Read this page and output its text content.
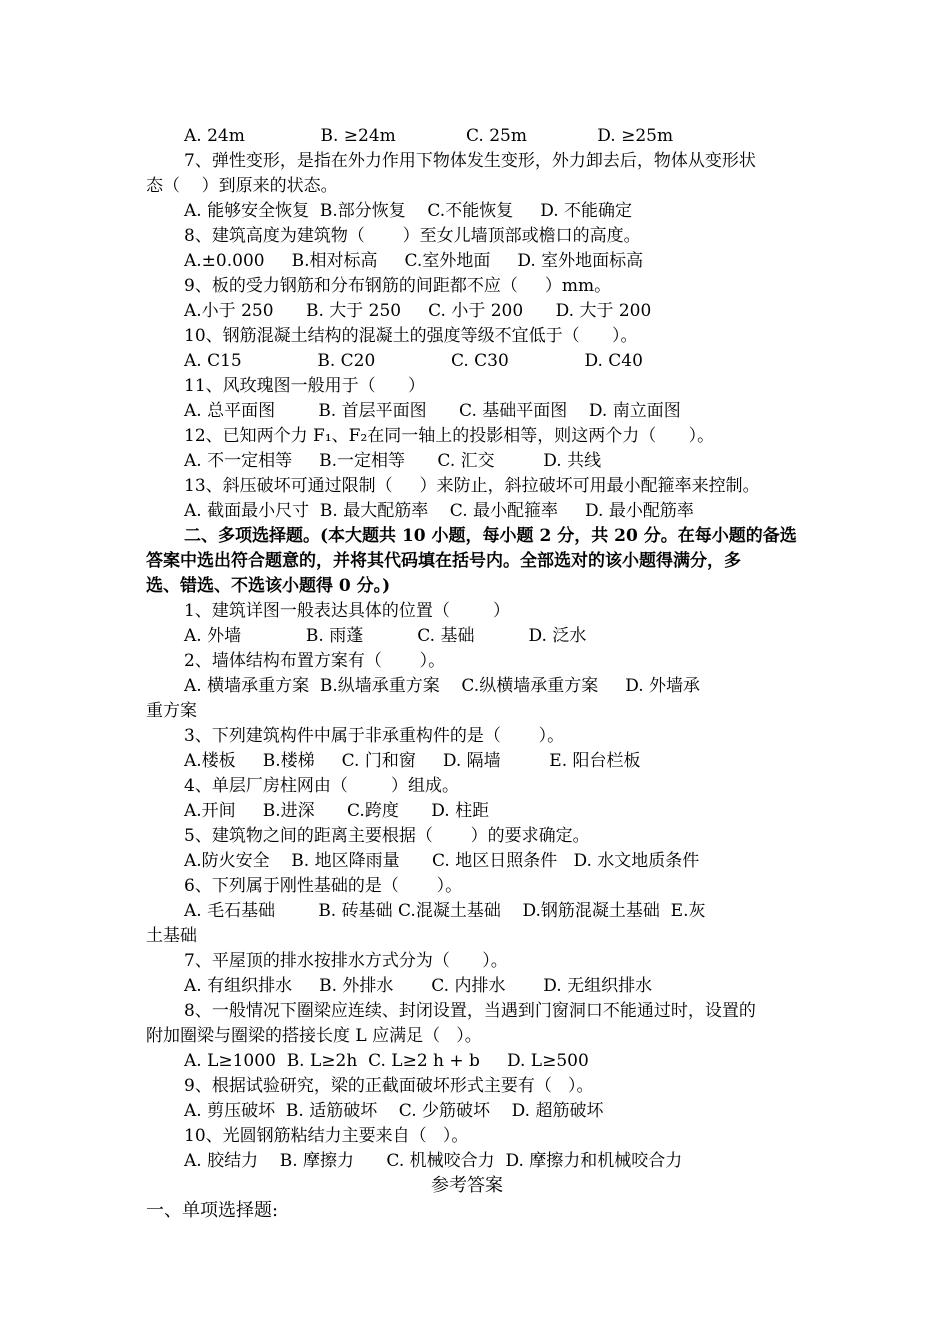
A. 24m              B. ≥24m             C. 25m             D. ≥25m
7、弹性变形，是指在外力作用下物体发生变形，外力卸去后，物体从变形状
态（    ）到原来的状态。
A. 能够安全恢复  B.部分恢复    C.不能恢复     D. 不能确定
8、建筑高度为建筑物（       ）至女儿墙顶部或檐口的高度。
A.±0.000     B.相对标高     C.室外地面     D. 室外地面标高
9、板的受力钢筋和分布钢筋的间距都不应（     ）mm。
A.小于 250      B. 大于 250     C. 小于 200      D. 大于 200
10、钢筋混凝土结构的混凝土的强度等级不宜低于（      ）。
A. C15              B. C20              C. C30              D. C40
11、风玫瑰图一般用于（      ）
A. 总平面图        B. 首层平面图      C. 基础平面图    D. 南立面图
12、已知两个力 F₁、F₂在同一轴上的投影相等，则这两个力（      ）。
A. 不一定相等     B.一定相等      C. 汇交         D. 共线
13、斜压破坏可通过限制（     ）来防止，斜拉破坏可用最小配箍率来控制。
A. 截面最小尺寸  B. 最大配筋率    C. 最小配箍率     D. 最小配筋率
二、多项选择题。(本大题共 10 小题，每小题 2 分，共 20 分。在每小题的备选
答案中选出符合题意的，并将其代码填在括号内。全部选对的该小题得满分，多
选、错选、不选该小题得 0 分。)
1、建筑详图一般表达具体的位置（        ）
A. 外墙            B. 雨蓬          C. 基础          D. 泛水
2、墙体结构布置方案有（       ）。
A. 横墙承重方案  B.纵墙承重方案    C.纵横墙承重方案     D. 外墙承
重方案
3、下列建筑构件中属于非承重构件的是（       ）。
A.楼板     B.楼梯     C. 门和窗     D. 隔墙         E. 阳台栏板
4、单层厂房柱网由（        ）组成。
A.开间     B.进深      C.跨度      D. 柱距
5、建筑物之间的距离主要根据（       ）的要求确定。
A.防火安全    B. 地区降雨量      C. 地区日照条件   D. 水文地质条件
6、下列属于刚性基础的是（       ）。
A. 毛石基础        B. 砖基础 C.混凝土基础    D.钢筋混凝土基础  E.灰
土基础
7、平屋顶的排水按排水方式分为（      ）。
A. 有组织排水     B. 外排水       C. 内排水       D. 无组织排水
8、一般情况下圈梁应连续、封闭设置，当遇到门窗洞口不能通过时，设置的
附加圈梁与圈梁的搭接长度 L 应满足（   ）。
A. L≥1000  B. L≥2h  C. L≥2 h + b     D. L≥500
9、根据试验研究，梁的正截面破坏形式主要有（   ）。
A. 剪压破坏  B. 适筋破坏    C. 少筋破坏    D. 超筋破坏
10、光圆钢筋粘结力主要来自（   ）。
A. 胶结力    B. 摩擦力      C. 机械咬合力  D. 摩擦力和机械咬合力
参考答案
一、单项选择题:
